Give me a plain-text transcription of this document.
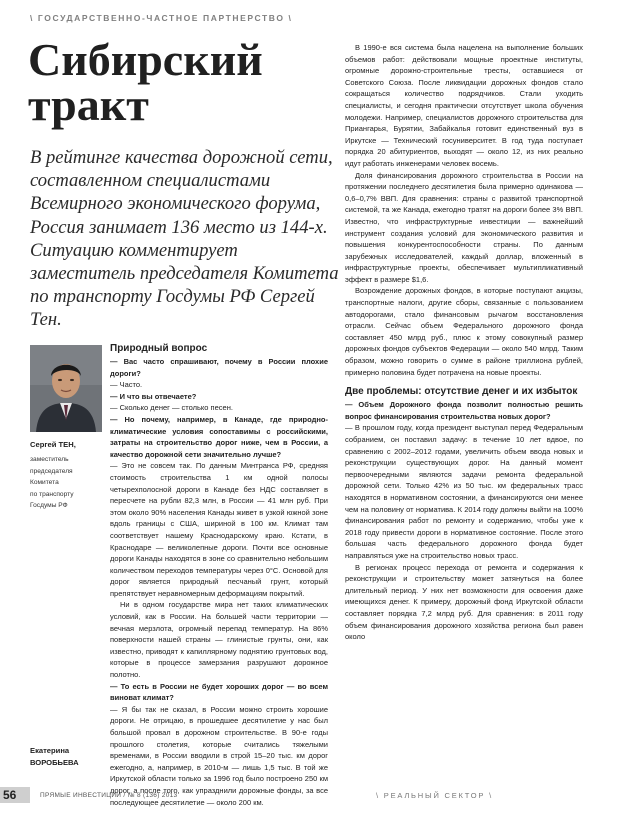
\ ГОСУДАРСТВЕННО-ЧАСТНОЕ ПАРТНЕРСТВО \
Сибирский
тракт
В рейтинге качества дорожной сети, составленном специалистами Всемирного экономического форума, Россия занимает 136 место из 144-х. Ситуацию комментирует заместитель председателя Комитета по транспорту Госдумы РФ Сергей Тен.
Сергей ТЕН,
заместитель
председателя
Комитета
по транспорту
Госдумы РФ
Екатерина
ВОРОБЬЕВА
Природный вопрос

— Вас часто спрашивают, почему в России плохие дороги?

— Часто.

— И что вы отвечаете?

— Сколько денег — столько песен.

— Но почему, например, в Канаде, где природно-климатические условия сопоставимы с российскими, затраты на строительство дорог ниже, чем в России, а качество дорожной сети значительно лучше?

— Это не совсем так. По данным Минтранса РФ, средняя стоимость строительства 1 км одной полосы четырехполосной дороги в Канаде без НДС составляет в пересчете на рубли 82,3 млн, в России — 41 млн руб. При этом около 90% населения Канады живет в узкой южной зоне вдоль границы с США, шириной в 100 км. Климат там соответствует нашему Краснодарскому краю. Кстати, в Краснодаре — великолепные дороги. Почти все основные дороги Канады находятся в зоне со сравнительно небольшим количеством переходов температуры через 0°С. Основой для дорог является природный песчаный грунт, который препятствует неравномерным деформациям покрытий.

Ни в одном государстве мира нет таких климатических условий, как в России. На большей части территории — вечная мерзлота, огромный перепад температур. На 86% поверхности нашей страны — глинистые грунты, они, как известно, приводят к капиллярному поднятию грунтовых вод, которые в процессе замерзания разрушают дорожное полотно.

— То есть в России не будет хороших дорог — во всем виноват климат?

— Я бы так не сказал, в России можно строить хорошие дороги. Не отрицаю, в прошедшее десятилетие у нас был большой провал в дорожном строительстве. В 90-е годы прошлого столетия, которые считались тяжелыми временами, в России вводили в строй 15–20 тыс. км дорог ежегодно, а, например, в 2010-м — лишь 1,5 тыс. В той же Иркутской области только за 1996 год было построено 250 км дорог, а после того, как упразднили дорожные фонды, за все последующее десятилетие — около 200 км.

В 1990-е вся система была нацелена на выполнение больших объемов работ: действовали мощные проектные институты, огромные дорожно-строительные тресты, оставшиеся от Советского Союза. После ликвидации дорожных фондов стало сокращаться количество подрядчиков. Стали уходить специалисты, и сегодня практически отсутствует школа обучения молодежи. Например, специалистов дорожного строительства для Приангарья, Бурятии, Забайкалья готовит единственный вуз в Иркутске — Технический госуниверситет. В год туда поступает порядка 20 абитуриентов, выходят — около 12, из них реально идут работать инженерами человек восемь.

Доля финансирования дорожного строительства в России на протяжении последнего десятилетия была примерно одинакова — 0,6–0,7% ВВП. Для сравнения: страны с развитой транспортной системой, та же Канада, ежегодно тратят на дороги более 3% ВВП. Известно, что инфраструктурные инвестиции — важнейший инструмент создания условий для экономического развития и повышения конкурентоспособности страны. По данным зарубежных исследователей, каждый доллар, вложенный в инфраструктурные проекты, обеспечивает мультипликативный эффект в размере $1,6.

Возрождение дорожных фондов, в которые поступают акцизы, транспортные налоги, другие сборы, связанные с пользованием автодорогами, стало финансовым рычагом восстановления отрасли. Сейчас объем Федерального дорожного фонда составляет 450 млрд руб., плюс к этому совокупный размер дорожных фондов субъектов Федерации — около 540 млрд. Таким образом, можно говорить о сумме в районе триллиона рублей, примерно половина будет потрачена на новые проекты.

Две проблемы: отсутствие денег и их избыток

— Объем Дорожного фонда позволит полностью решить вопрос финансирования строительства новых дорог?

— В прошлом году, когда президент выступал перед Федеральным собранием, он поставил задачу: в течение 10 лет вдвое, по сравнению с 2002–2012 годами, увеличить объем ввода новых и реконструкции существующих дорог. На данный момент первоочередными являются задачи ремонта федеральной дорожной сети. Только 42% из 50 тыс. км федеральных трасс находятся в нормативном состоянии, а финансируются они менее чем на половину от норматива. К 2014 году должны выйти на 100% финансирования работ по ремонту и содержанию, чтобы уже к 2018 году привести дороги в нормативное состояние. После этого большая часть федерального дорожного фонда будет направляться уже на строительство новых трасс.

В регионах процесс перехода от ремонта и содержания к реконструкции и строительству может затянуться на более длительный период. У них нет возможности для освоения даже имеющихся денег. К примеру, дорожный фонд Иркутской области составляет порядка 7,2 млрд руб. Для сравнения: в 2011 году объем финансирования дорожного хозяйства региона был равен около

56	ПРЯМЫЕ ИНВЕСТИЦИИ / № 8 (136) 2013	\ РЕАЛЬНЫЙ СЕКТОР \
